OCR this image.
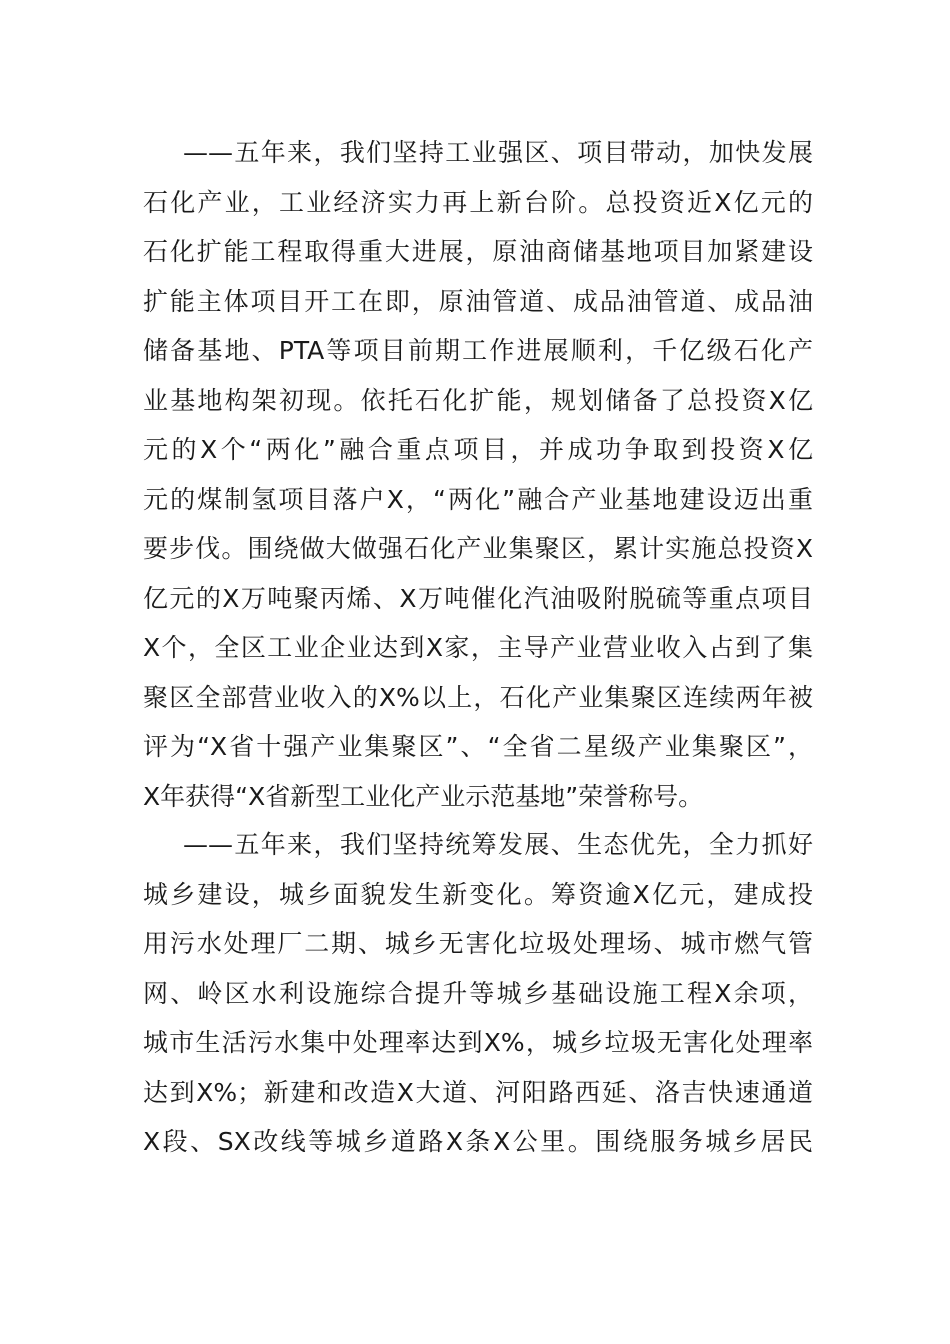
——五年来，我们坚持工业强区、项目带动，加快发展
石化产业，工业经济实力再上新台阶。总投资近X亿元的
石化扩能工程取得重大进展，原油商储基地项目加紧建设
扩能主体项目开工在即，原油管道、成品油管道、成品油
储备基地、PTA等项目前期工作进展顺利，千亿级石化产
业基地构架初现。依托石化扩能，规划储备了总投资X亿
元的X个“两化”融合重点项目，并成功争取到投资X亿
元的煤制氢项目落户X，“两化”融合产业基地建设迈出重
要步伐。围绕做大做强石化产业集聚区，累计实施总投资X
亿元的X万吨聚丙烯、X万吨催化汽油吸附脱硫等重点项目
X个，全区工业企业达到X家，主导产业营业收入占到了集
聚区全部营业收入的X%以上，石化产业集聚区连续两年被
评为“X省十强产业集聚区”、“全省二星级产业集聚区”，
X年获得“X省新型工业化产业示范基地”荣誉称号。
——五年来，我们坚持统筹发展、生态优先，全力抓好
城乡建设，城乡面貌发生新变化。筹资逾X亿元，建成投
用污水处理厂二期、城乡无害化垃圾处理场、城市燃气管
网、岭区水利设施综合提升等城乡基础设施工程X余项，
城市生活污水集中处理率达到X%，城乡垃圾无害化处理率
达到X%；新建和改造X大道、河阳路西延、洛吉快速通道
X段、SX改线等城乡道路X条X公里。围绕服务城乡居民
